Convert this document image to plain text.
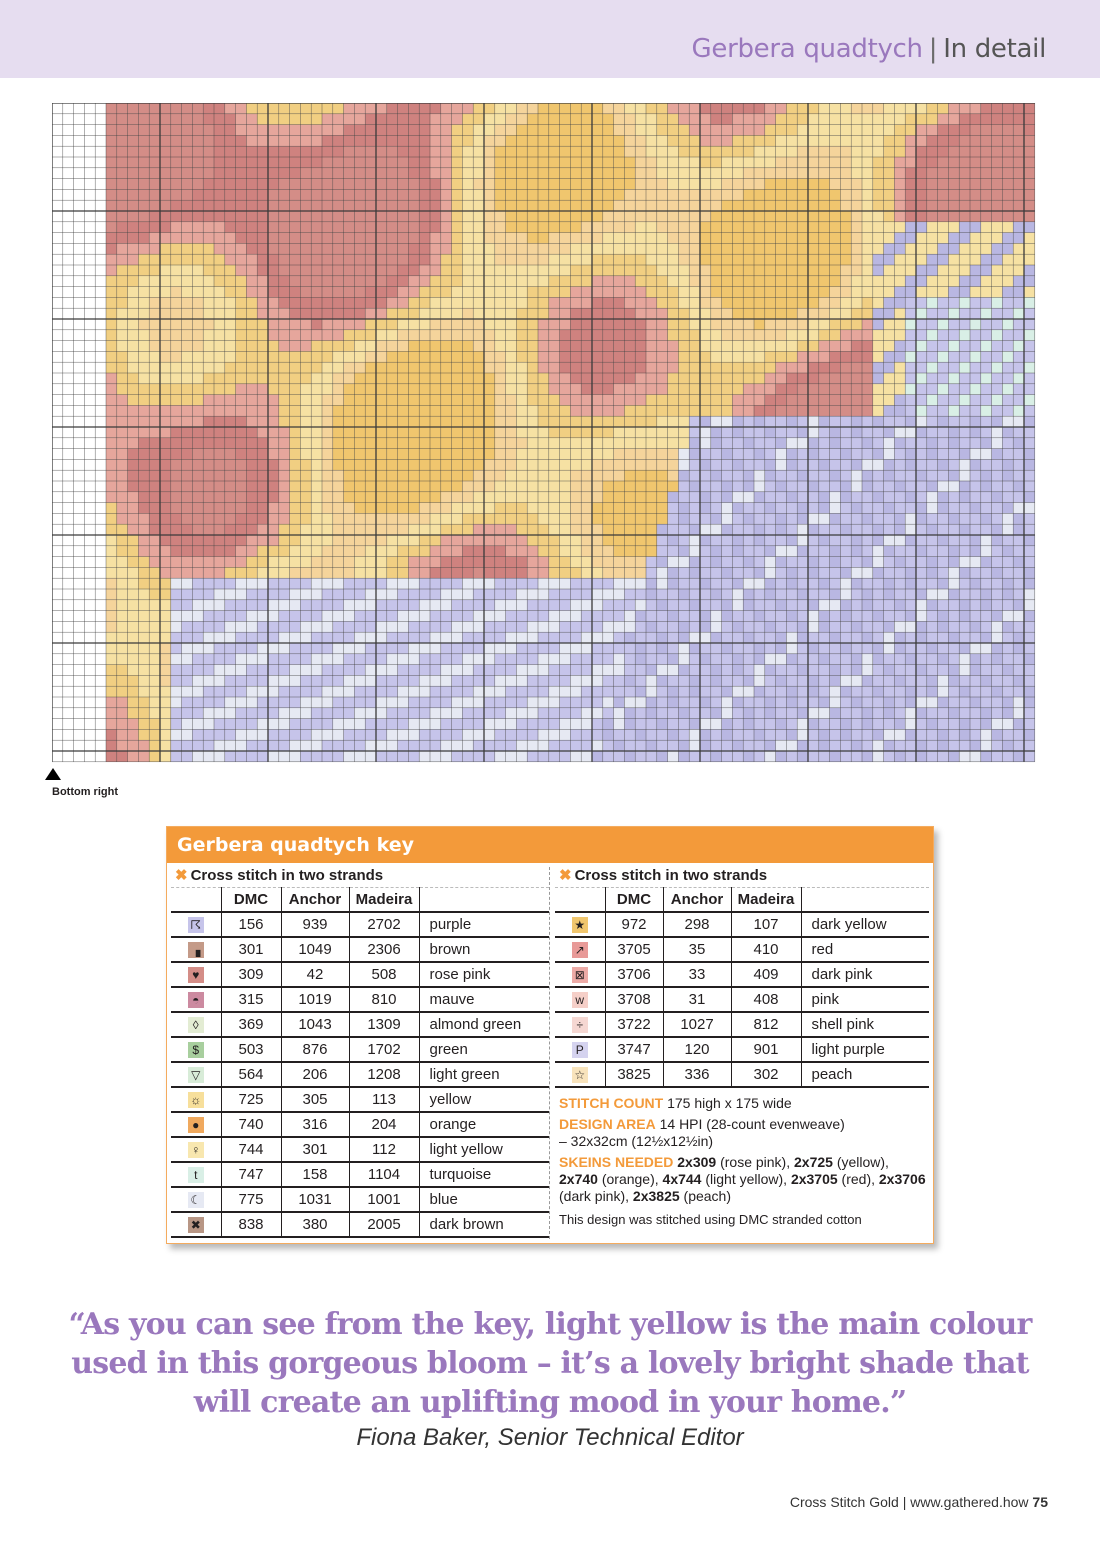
Gerbera quadtych | In detail
Bottom right
Gerbera quadtych key
✖ Cross stitch in two strands
	DMC	Anchor	Madeira	
☈	156	939	2702	purple
▗	301	1049	2306	brown
♥	309	42	508	rose pink
◓	315	1019	810	mauve
◊	369	1043	1309	almond green
$	503	876	1702	green
▽	564	206	1208	light green
☼	725	305	113	yellow
●	740	316	204	orange
♀	744	301	112	light yellow
t	747	158	1104	turquoise
☾	775	1031	1001	blue
✖	838	380	2005	dark brown
✖ Cross stitch in two strands
	DMC	Anchor	Madeira	
★	972	298	107	dark yellow
↗	3705	35	410	red
⊠	3706	33	409	dark pink
w	3708	31	408	pink
÷	3722	1027	812	shell pink
P	3747	120	901	light purple
☆	3825	336	302	peach

STITCH COUNT 175 high x 175 wide

DESIGN AREA 14 HPI (28-count evenweave)
– 32x32cm (12½x12½in)

SKEINS NEEDED 2x309 (rose pink), 2x725 (yellow), 2x740 (orange), 4x744 (light yellow), 2x3705 (red), 2x3706 (dark pink), 2x3825 (peach)

This design was stitched using DMC stranded cotton

“As you can see from the key, light yellow is the main colour used in this gorgeous bloom – it’s a lovely bright shade that will create an uplifting mood in your home.”
Fiona Baker, Senior Technical Editor
Cross Stitch Gold | www.gathered.how 75
